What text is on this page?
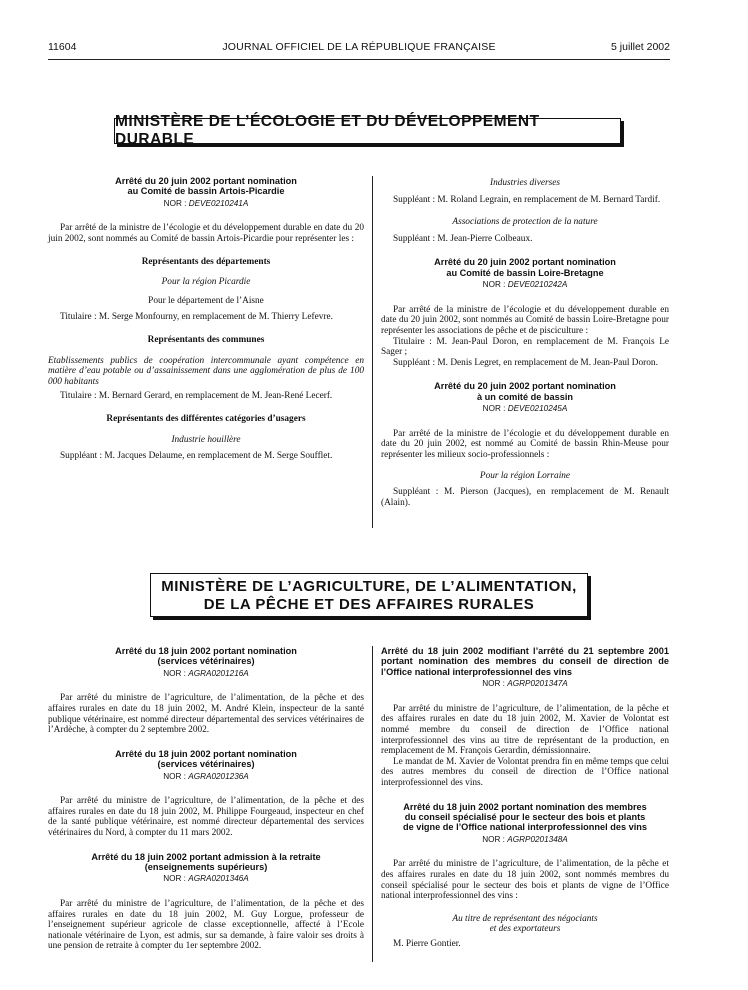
11604	JOURNAL OFFICIEL DE LA RÉPUBLIQUE FRANÇAISE	5 juillet 2002
MINISTÈRE DE L’ÉCOLOGIE ET DU DÉVELOPPEMENT DURABLE
Arrêté du 20 juin 2002 portant nomination
au Comité de bassin Artois-Picardie
NOR : DEVE0210241A

Par arrêté de la ministre de l’écologie et du développement durable en date du 20 juin 2002, sont nommés au Comité de bassin Artois-Picardie pour représenter les :

Représentants des départements
Pour la région Picardie
Pour le département de l’Aisne

Titulaire : M. Serge Monfourny, en remplacement de M. Thierry Lefevre.

Représentants des communes
Etablissements publics de coopération intercommunale ayant compétence en matière d’eau potable ou d’assainissement dans une agglomération de plus de 100 000 habitants

Titulaire : M. Bernard Gerard, en remplacement de M. Jean-René Lecerf.

Représentants des différentes catégories d’usagers
Industrie houillère

Suppléant : M. Jacques Delaume, en remplacement de M. Serge Soufflet.

Industries diverses

Suppléant : M. Roland Legrain, en remplacement de M. Bernard Tardif.

Associations de protection de la nature

Suppléant : M. Jean-Pierre Colbeaux.

Arrêté du 20 juin 2002 portant nomination
au Comité de bassin Loire-Bretagne
NOR : DEVE0210242A

Par arrêté de la ministre de l’écologie et du développement durable en date du 20 juin 2002, sont nommés au Comité de bassin Loire-Bretagne pour représenter les associations de pêche et de pisciculture :

Titulaire : M. Jean-Paul Doron, en remplacement de M. François Le Sager ;

Suppléant : M. Denis Legret, en remplacement de M. Jean-Paul Doron.

Arrêté du 20 juin 2002 portant nomination
à un comité de bassin
NOR : DEVE0210245A

Par arrêté de la ministre de l’écologie et du développement durable en date du 20 juin 2002, est nommé au Comité de bassin Rhin-Meuse pour représenter les milieux socio-professionnels :

Pour la région Lorraine

Suppléant : M. Pierson (Jacques), en remplacement de M. Renault (Alain).

MINISTÈRE DE L’AGRICULTURE, DE L’ALIMENTATION,
DE LA PÊCHE ET DES AFFAIRES RURALES
Arrêté du 18 juin 2002 portant nomination
(services vétérinaires)
NOR : AGRA0201216A

Par arrêté du ministre de l’agriculture, de l’alimentation, de la pêche et des affaires rurales en date du 18 juin 2002, M. André Klein, inspecteur de la santé publique vétérinaire, est nommé directeur départemental des services vétérinaires de l’Ardèche, à compter du 2 septembre 2002.

Arrêté du 18 juin 2002 portant nomination
(services vétérinaires)
NOR : AGRA0201236A

Par arrêté du ministre de l’agriculture, de l’alimentation, de la pêche et des affaires rurales en date du 18 juin 2002, M. Philippe Fourgeaud, inspecteur en chef de la santé publique vétérinaire, est nommé directeur départemental des services vétérinaires du Nord, à compter du 11 mars 2002.

Arrêté du 18 juin 2002 portant admission à la retraite
(enseignements supérieurs)
NOR : AGRA0201346A

Par arrêté du ministre de l’agriculture, de l’alimentation, de la pêche et des affaires rurales en date du 18 juin 2002, M. Guy Lorgue, professeur de l’enseignement supérieur agricole de classe exceptionnelle, affecté à l’Ecole nationale vétérinaire de Lyon, est admis, sur sa demande, à faire valoir ses droits à une pension de retraite à compter du 1er septembre 2002.

Arrêté du 18 juin 2002 modifiant l’arrêté du 21 septembre 2001 portant nomination des membres du conseil de direction de l’Office national interprofessionnel des vins
NOR : AGRP0201347A

Par arrêté du ministre de l’agriculture, de l’alimentation, de la pêche et des affaires rurales en date du 18 juin 2002, M. Xavier de Volontat est nommé membre du conseil de direction de l’Office national interprofessionnel des vins au titre de représentant de la production, en remplacement de M. François Gerardin, démissionnaire.

Le mandat de M. Xavier de Volontat prendra fin en même temps que celui des autres membres du conseil de direction de l’Office national interprofessionnel des vins.

Arrêté du 18 juin 2002 portant nomination des membres
du conseil spécialisé pour le secteur des bois et plants
de vigne de l’Office national interprofessionnel des vins
NOR : AGRP0201348A

Par arrêté du ministre de l’agriculture, de l’alimentation, de la pêche et des affaires rurales en date du 18 juin 2002, sont nommés membres du conseil spécialisé pour le secteur des bois et plants de vigne de l’Office national interprofessionnel des vins :

Au titre de représentant des négociants
et des exportateurs

M. Pierre Gontier.
